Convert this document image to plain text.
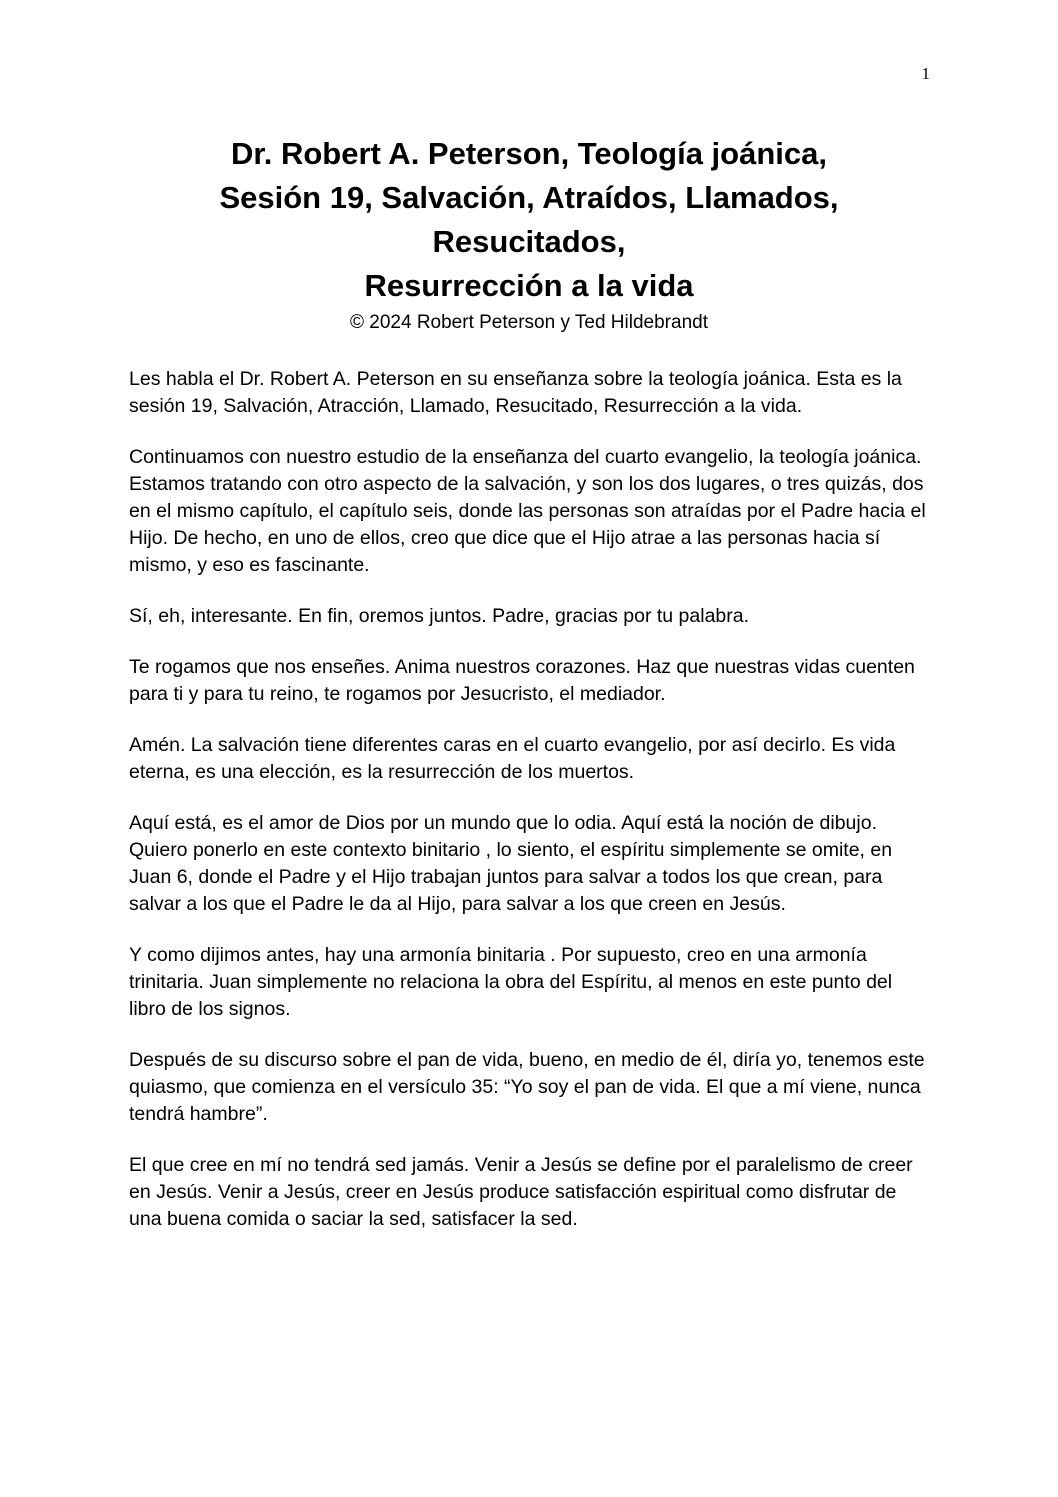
1
Dr. Robert A. Peterson, Teología joánica,
Sesión 19, Salvación, Atraídos, Llamados,
Resucitados,
Resurrección a la vida
© 2024 Robert Peterson y Ted Hildebrandt

Les habla el Dr. Robert A. Peterson en su enseñanza sobre la teología joánica. Esta es la sesión 19, Salvación, Atracción, Llamado, Resucitado, Resurrección a la vida.

Continuamos con nuestro estudio de la enseñanza del cuarto evangelio, la teología joánica. Estamos tratando con otro aspecto de la salvación, y son los dos lugares, o tres quizás, dos en el mismo capítulo, el capítulo seis, donde las personas son atraídas por el Padre hacia el Hijo. De hecho, en uno de ellos, creo que dice que el Hijo atrae a las personas hacia sí mismo, y eso es fascinante.

Sí, eh, interesante. En fin, oremos juntos. Padre, gracias por tu palabra.

Te rogamos que nos enseñes. Anima nuestros corazones. Haz que nuestras vidas cuenten para ti y para tu reino, te rogamos por Jesucristo, el mediador.

Amén. La salvación tiene diferentes caras en el cuarto evangelio, por así decirlo. Es vida eterna, es una elección, es la resurrección de los muertos.

Aquí está, es el amor de Dios por un mundo que lo odia. Aquí está la noción de dibujo. Quiero ponerlo en este contexto binitario , lo siento, el espíritu simplemente se omite, en Juan 6, donde el Padre y el Hijo trabajan juntos para salvar a todos los que crean, para salvar a los que el Padre le da al Hijo, para salvar a los que creen en Jesús.

Y como dijimos antes, hay una armonía binitaria . Por supuesto, creo en una armonía trinitaria. Juan simplemente no relaciona la obra del Espíritu, al menos en este punto del libro de los signos.

Después de su discurso sobre el pan de vida, bueno, en medio de él, diría yo, tenemos este quiasmo, que comienza en el versículo 35: “Yo soy el pan de vida. El que a mí viene, nunca tendrá hambre”.

El que cree en mí no tendrá sed jamás. Venir a Jesús se define por el paralelismo de creer en Jesús. Venir a Jesús, creer en Jesús produce satisfacción espiritual como disfrutar de una buena comida o saciar la sed, satisfacer la sed.
